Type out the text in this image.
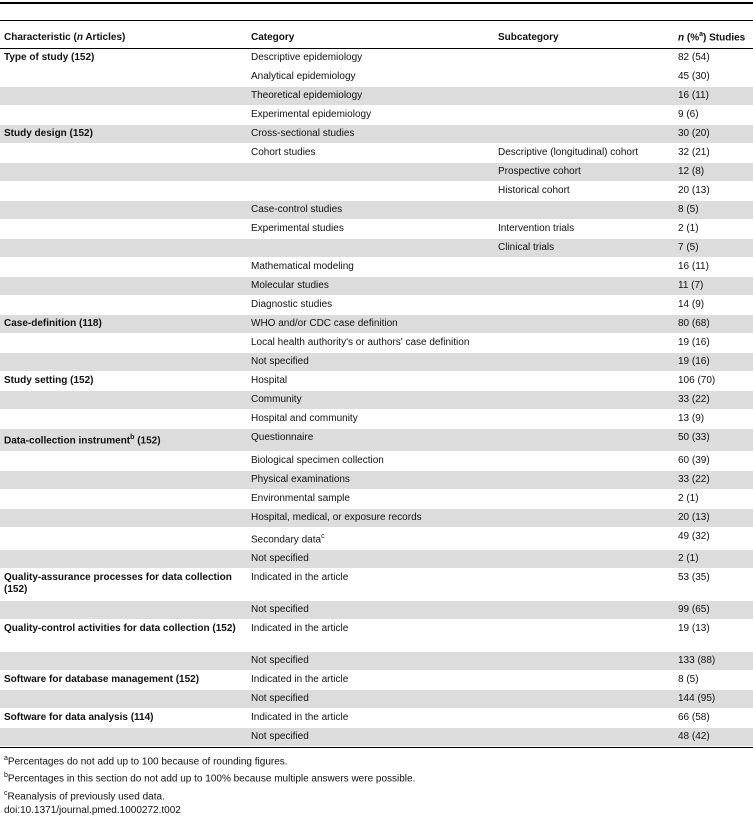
Characteristic (n Articles)	Category	Subcategory	n (%$^a$) Studies
Type of study (152)	Descriptive epidemiology		82 (54)
	Analytical epidemiology		45 (30)
	Theoretical epidemiology		16 (11)
	Experimental epidemiology		9 (6)
Study design (152)	Cross-sectional studies		30 (20)
	Cohort studies	Descriptive (longitudinal) cohort	32 (21)
		Prospective cohort	12 (8)
		Historical cohort	20 (13)
	Case-control studies		8 (5)
	Experimental studies	Intervention trials	2 (1)
		Clinical trials	7 (5)
	Mathematical modeling		16 (11)
	Molecular studies		11 (7)
	Diagnostic studies		14 (9)
Case-definition (118)	WHO and/or CDC case definition		80 (68)
	Local health authority's or authors' case definition		19 (16)
	Not specified		19 (16)
Study setting (152)	Hospital		106 (70)
	Community		33 (22)
	Hospital and community		13 (9)
Data-collection instrument$^b$ (152)	Questionnaire		50 (33)
	Biological specimen collection		60 (39)
	Physical examinations		33 (22)
	Environmental sample		2 (1)
	Hospital, medical, or exposure records		20 (13)
	Secondary data$^c$		49 (32)
	Not specified		2 (1)
Quality-assurance processes for data collection (152)	Indicated in the article		53 (35)
	Not specified		99 (65)
Quality-control activities for data collection (152)	Indicated in the article		19 (13)
	Not specified		133 (88)
Software for database management (152)	Indicated in the article		8 (5)
	Not specified		144 (95)
Software for data analysis (114)	Indicated in the article		66 (58)
	Not specified		48 (42)
$^a$Percentages do not add up to 100 because of rounding figures.
$^b$Percentages in this section do not add up to 100% because multiple answers were possible.
$^c$Reanalysis of previously used data.
doi:10.1371/journal.pmed.1000272.t002
